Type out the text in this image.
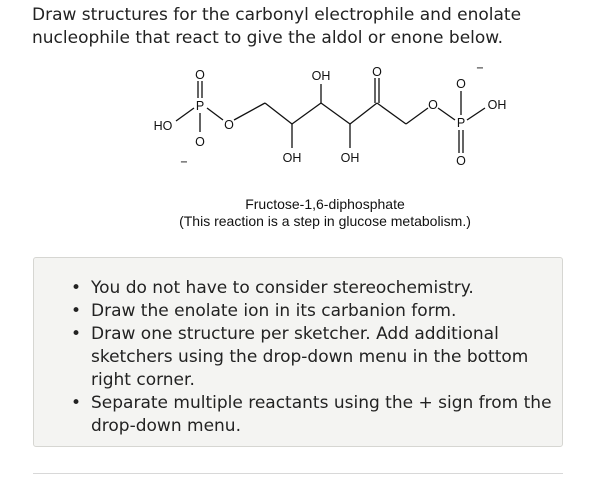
Draw structures for the carbonyl electrophile and enolate nucleophile that react to give the aldol or enone below.
O
P
O
−
HO	O
OH	O
OH	OH
O
−
O
P
O
OH
Fructose-1,6-diphosphate
(This reaction is a step in glucose metabolism.)
• You do not have to consider stereochemistry.
• Draw the enolate ion in its carbanion form.
• Draw one structure per sketcher. Add additional sketchers using the drop-down menu in the bottom right corner.
• Separate multiple reactants using the + sign from the drop-down menu.
